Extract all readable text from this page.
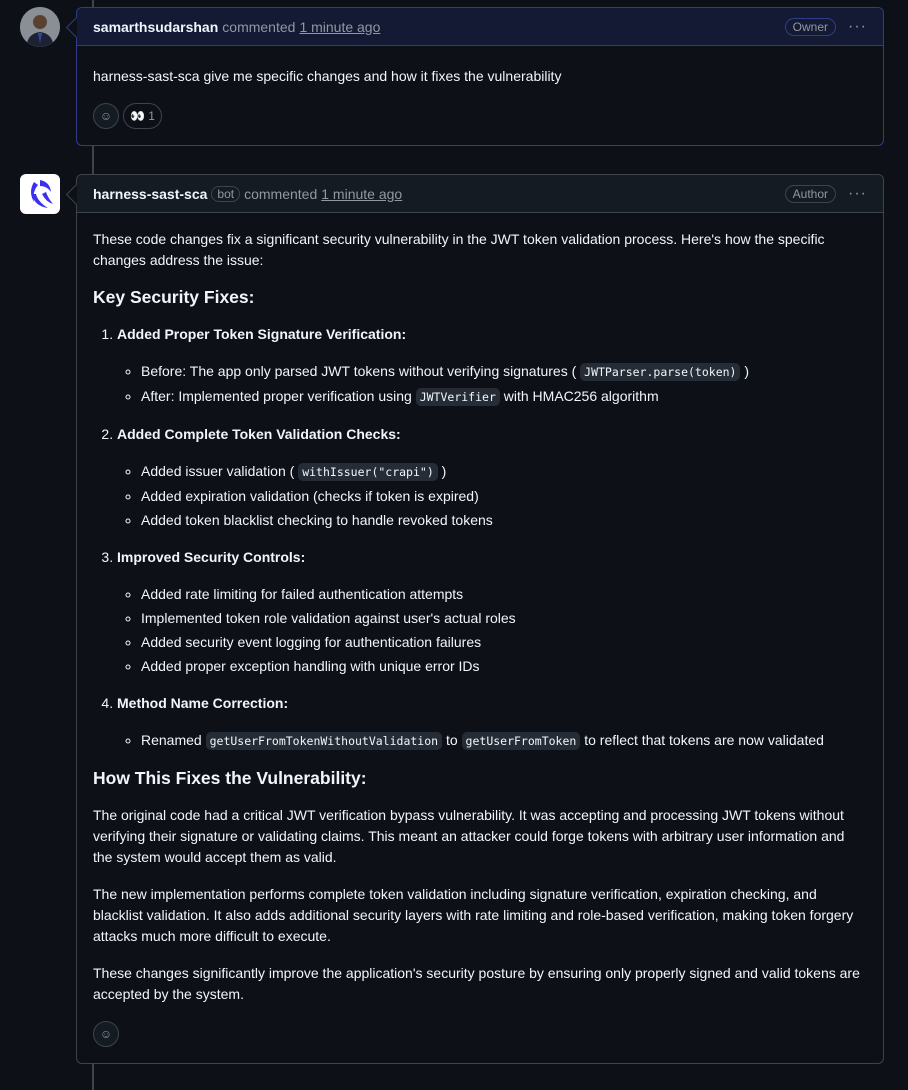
samarthsudarshan commented 1 minute ago	Owner	···
harness-sast-sca give me specific changes and how it fixes the vulnerability
☺ 👀
1
harness-sast-sca bot commented 1 minute ago	Author	···

These code changes fix a significant security vulnerability in the JWT token validation process. Here's how the specific changes address the issue:

Key Security Fixes:
1. Added Proper Token Signature Verification:
◦ Before: The app only parsed JWT tokens without verifying signatures ( JWTParser.parse(token) )
◦ After: Implemented proper verification using JWTVerifier with HMAC256 algorithm
2. Added Complete Token Validation Checks:
◦ Added issuer validation ( withIssuer("crapi") )
◦ Added expiration validation (checks if token is expired)
◦ Added token blacklist checking to handle revoked tokens
3. Improved Security Controls:
◦ Added rate limiting for failed authentication attempts
◦ Implemented token role validation against user's actual roles
◦ Added security event logging for authentication failures
◦ Added proper exception handling with unique error IDs
4. Method Name Correction:
◦ Renamed getUserFromTokenWithoutValidation to getUserFromToken to reflect that tokens are now validated
How This Fixes the Vulnerability:

The original code had a critical JWT verification bypass vulnerability. It was accepting and processing JWT tokens without verifying their signature or validating claims. This meant an attacker could forge tokens with arbitrary user information and the system would accept them as valid.

The new implementation performs complete token validation including signature verification, expiration checking, and blacklist validation. It also adds additional security layers with rate limiting and role-based verification, making token forgery attacks much more difficult to execute.

These changes significantly improve the application's security posture by ensuring only properly signed and valid tokens are accepted by the system.

☺
